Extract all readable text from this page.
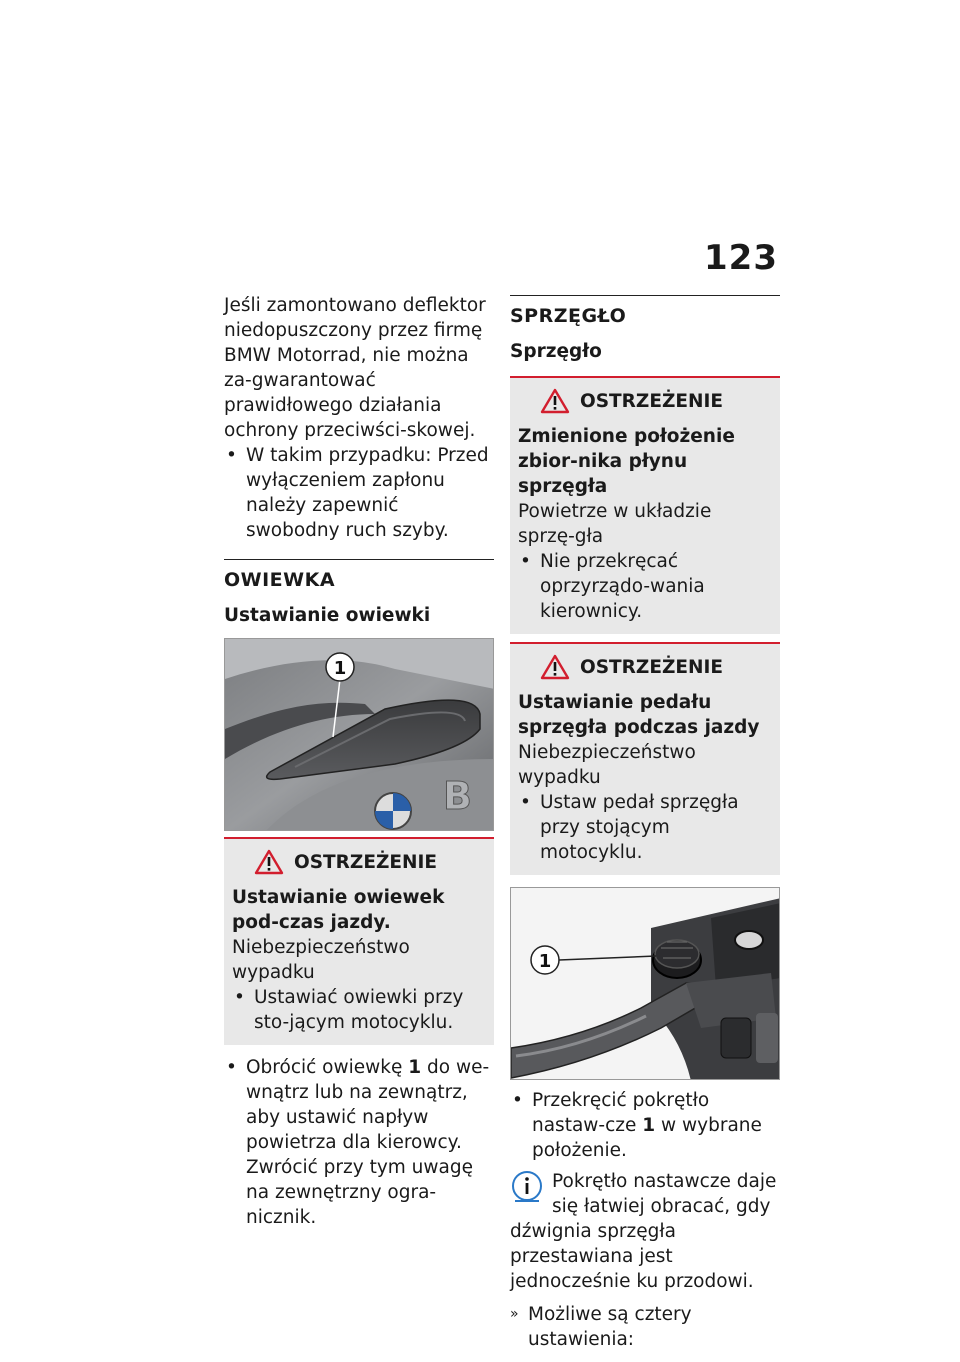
123

Jeśli zamontowano deflektor niedopuszczony przez firmę BMW Motorrad, nie można za-gwarantować prawidłowego działania ochrony przeciwści-skowej.

• W takim przypadku: Przed wyłączeniem zapłonu należy zapewnić swobodny ruch szyby.

OWIEWKA
Ustawianie owiewki
B
1
OSTRZEŻENIE

Ustawianie owiewek pod-czas jazdy.

Niebezpieczeństwo wypadku

• Ustawiać owiewki przy sto-jącym motocyklu.

• Obrócić owiewkę 1 do we-wnątrz lub na zewnątrz, aby ustawić napływ powietrza dla kierowcy. Zwrócić przy tym uwagę na zewnętrzny ogra-nicznik.

SPRZĘGŁO
Sprzęgło
OSTRZEŻENIE

Zmienione położenie zbior-nika płynu sprzęgła

Powietrze w układzie sprzę-gła

• Nie przekręcać oprzyrządo-wania kierownicy.

OSTRZEŻENIE

Ustawianie pedału sprzęgła podczas jazdy

Niebezpieczeństwo wypadku

• Ustaw pedał sprzęgła przy stojącym motocyklu.

1

• Przekręcić pokrętło nastaw-cze 1 w wybrane położenie.

Pokrętło nastawcze daje się łatwiej obracać, gdy dźwignia sprzęgła przestawiana jest jednocześnie ku przodowi.

» Możliwe są cztery ustawienia:
